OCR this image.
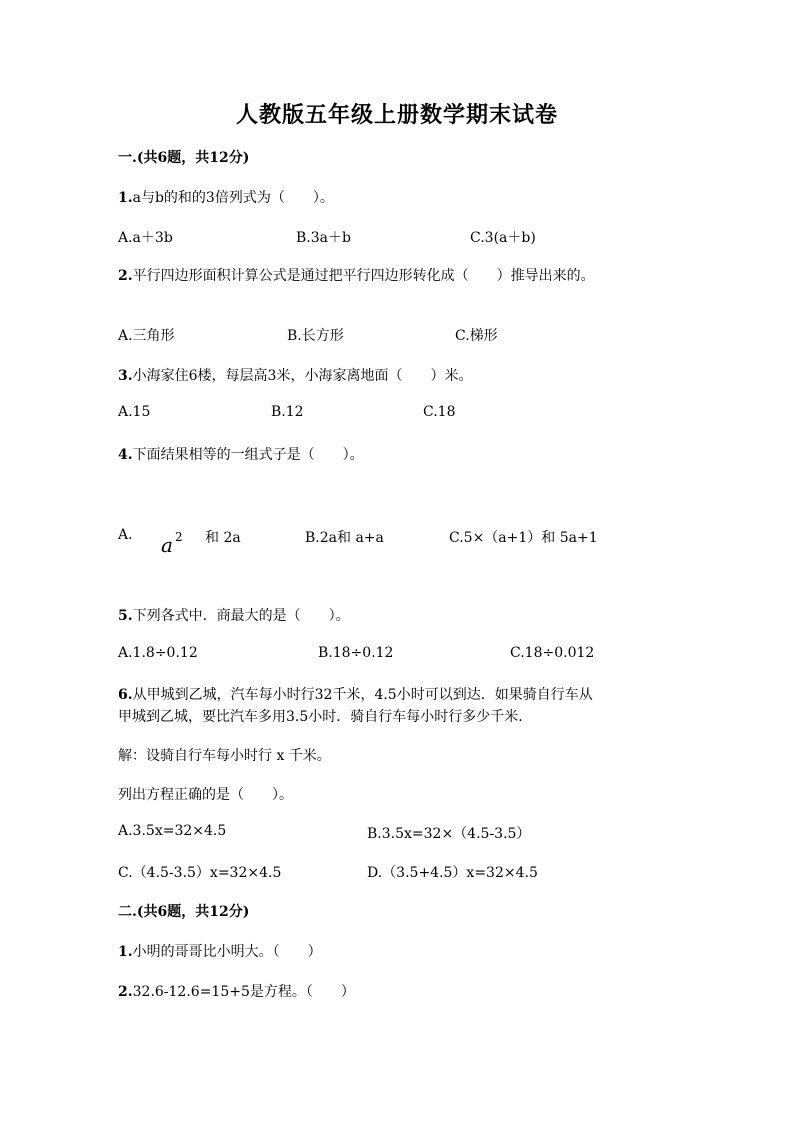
人教版五年级上册数学期末试卷
一.(共6题，共12分)
1.a与b的和的3倍列式为（　　）。
A.a＋3b	B.3a＋b	C.3(a＋b)
2.平行四边形面积计算公式是通过把平行四边形转化成（　　）推导出来的。
A.三角形	B.长方形	C.梯形
3.小海家住6楼，每层高3米，小海家离地面（　　）米。
A.15	B.12	C.18
4.下面结果相等的一组式子是（　　）。
A. a $^2$ 和 2a	B.2a和 a+a	C.5×（a+1）和 5a+1
5.下列各式中．商最大的是（　　）。
A.1.8÷0.12	B.18÷0.12	C.18÷0.012
6.从甲城到乙城，汽车每小时行32千米，4.5小时可以到达．如果骑自行车从
甲城到乙城，要比汽车多用3.5小时．骑自行车每小时行多少千米.
解：设骑自行车每小时行 x 千米。
列出方程正确的是（　　）。
A.3.5x=32×4.5	B.3.5x=32×（4.5-3.5）
C.（4.5-3.5）x=32×4.5	D.（3.5+4.5）x=32×4.5
二.(共6题，共12分)
1.小明的哥哥比小明大。（　　）
2.32.6-12.6=15+5是方程。（　　）
